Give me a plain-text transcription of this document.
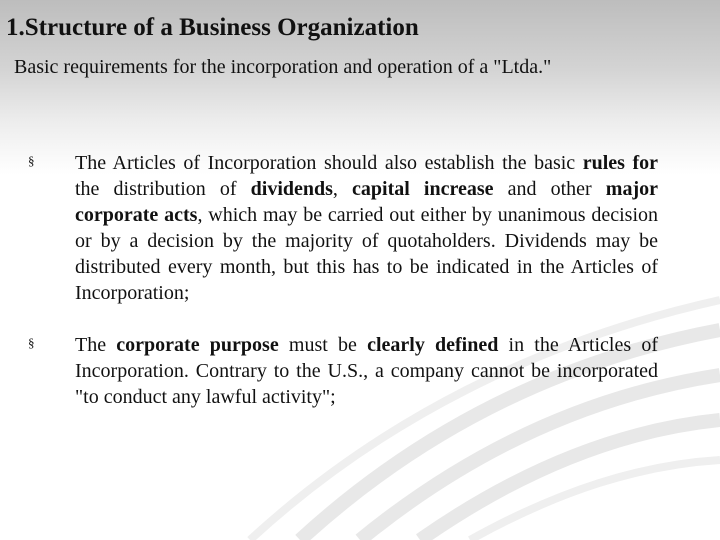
1.Structure of a Business Organization

Basic requirements for the incorporation and operation of a "Ltda."

§ The Articles of Incorporation should also establish the basic rules for the distribution of dividends, capital increase and other major corporate acts, which may be carried out either by unanimous decision or by a decision by the majority of quotaholders. Dividends may be distributed every month, but this has to be indicated in the Articles of Incorporation;
§ The corporate purpose must be clearly defined in the Articles of Incorporation. Contrary to the U.S., a company cannot be incorporated "to conduct any lawful activity";
